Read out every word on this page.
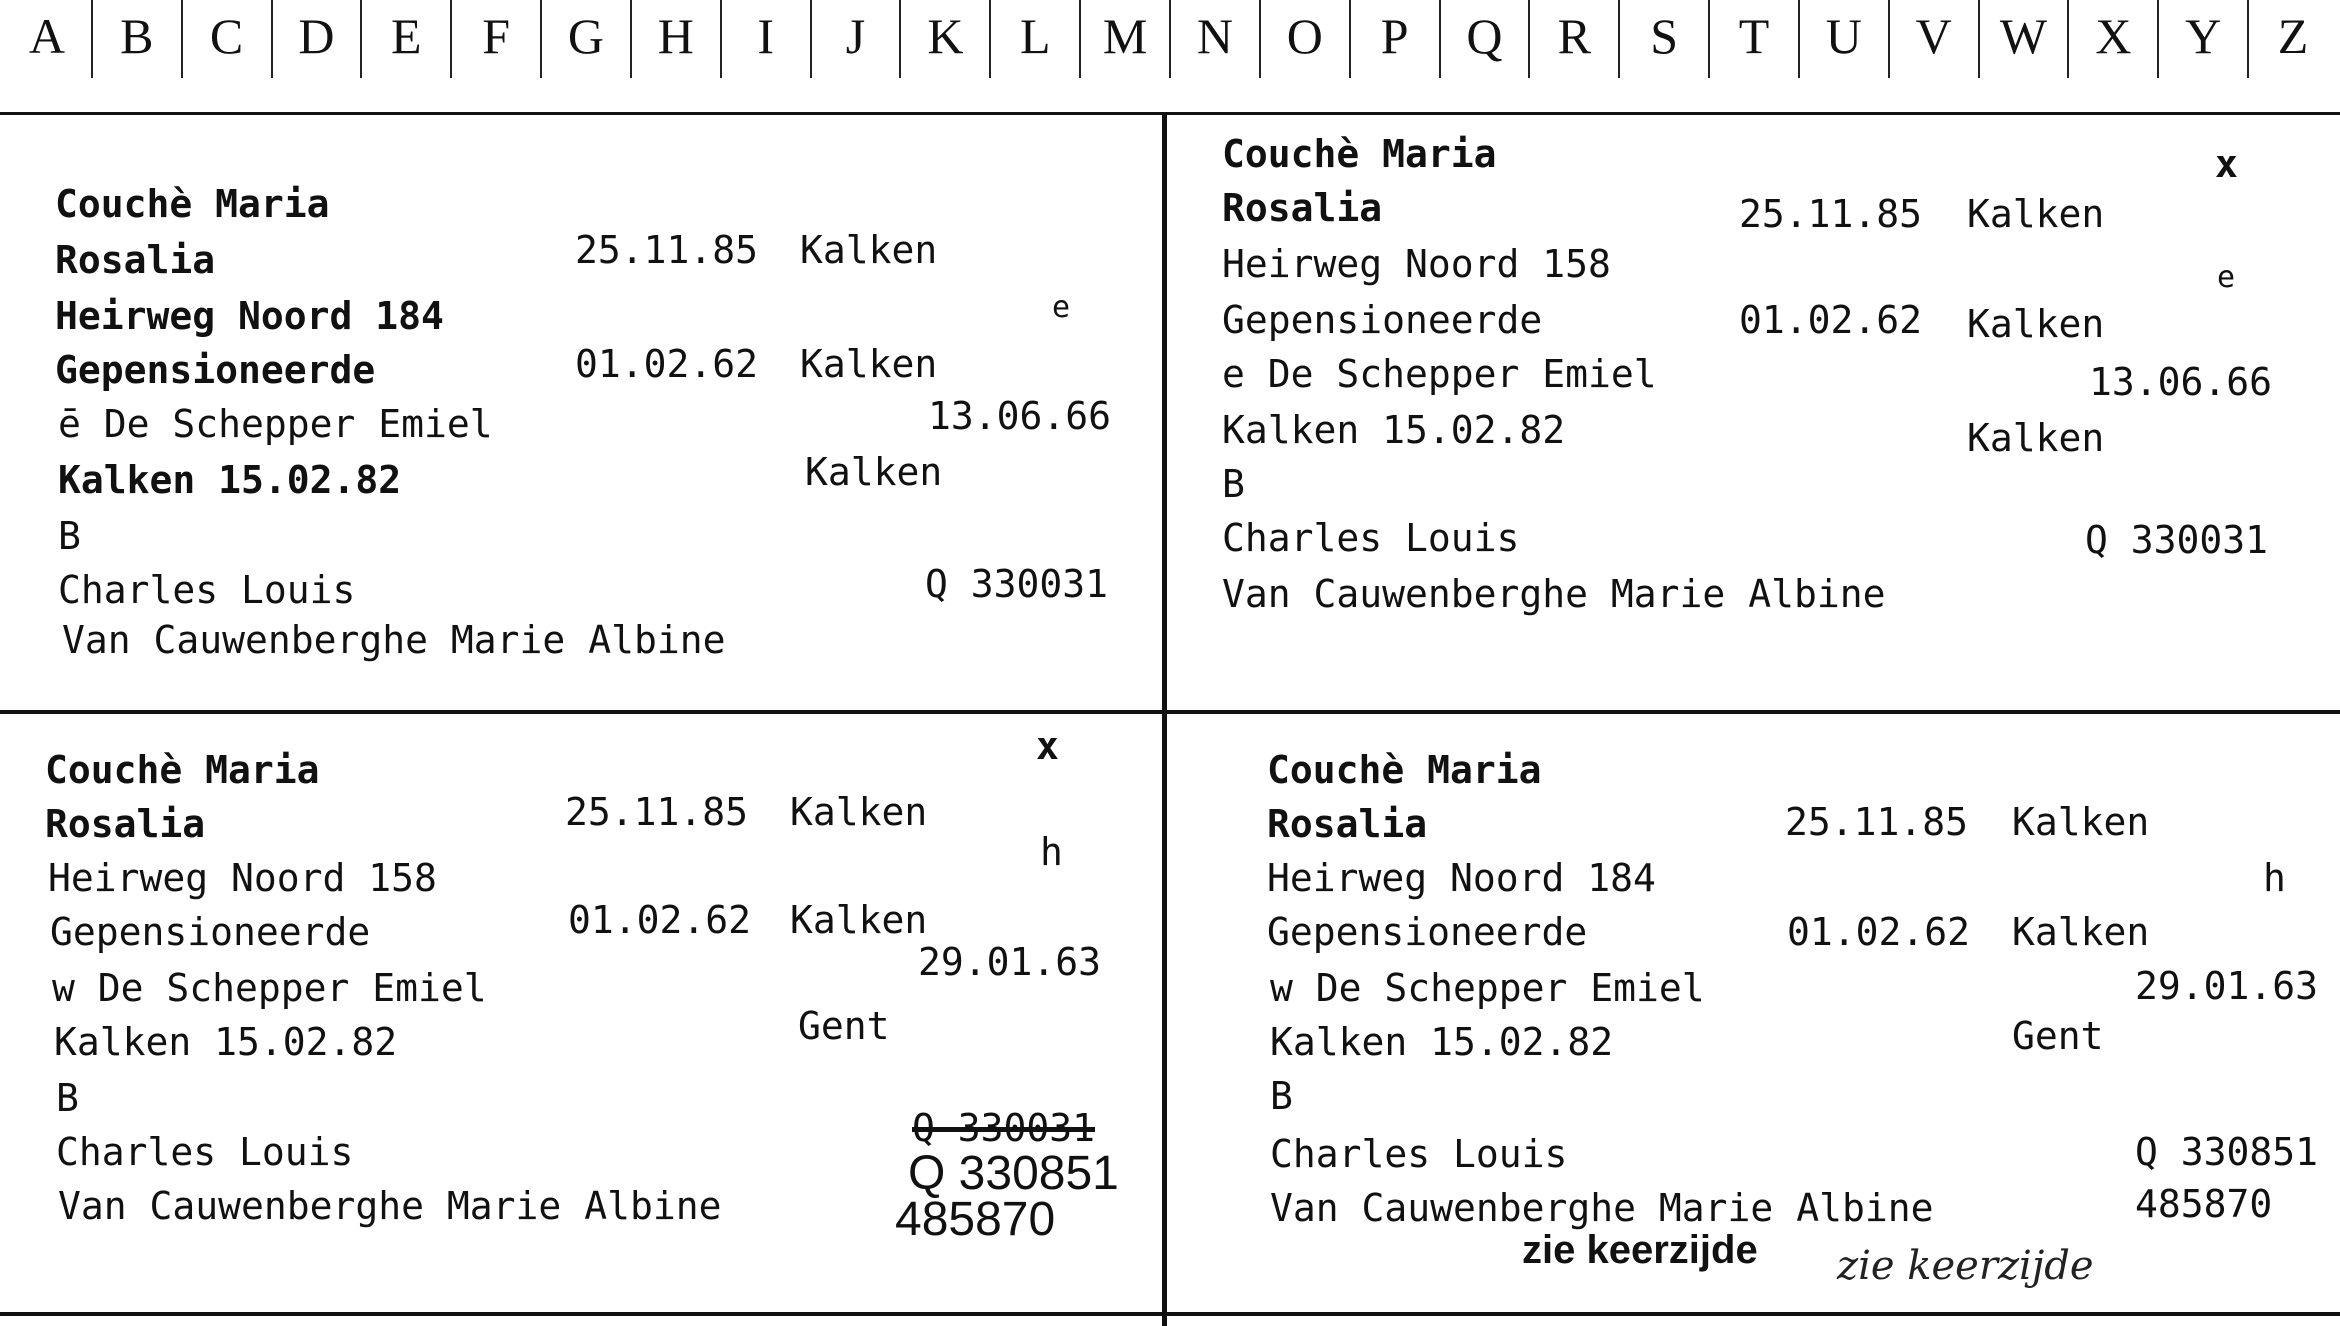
A	B	C	D	E	F	G	H	I	J	K	L	M N	O	P	Q	R	S	T	U	V W X	Y	Z
Couchè Maria
Rosalia	25.11.85 Kalken
Heirweg Noord 184	e
Gepensioneerde	01.02.62 Kalken
ē De Schepper Emiel	13.06.66
Kalken 15.02.82	Kalken
B
Charles Louis	Q 330031
Van Cauwenberghe Marie Albine
Couchè Maria	x
Rosalia	25.11.85 Kalken
Heirweg Noord 158	e
Gepensioneerde	01.02.62 Kalken
e De Schepper Emiel	13.06.66
Kalken 15.02.82	Kalken
B
Charles Louis	Q 330031
Van Cauwenberghe Marie Albine
Couchè Maria
x
Rosalia	25.11.85 Kalken
Heirweg Noord 158
h
Gepensioneerde	01.02.62 Kalken
w De Schepper Emiel
29.01.63
Kalken 15.02.82	Gent
B
Q 330031
Charles Louis	Q 330851
Van Cauwenberghe Marie Albine	485870
Couchè Maria
Rosalia	25.11.85 Kalken
Heirweg Noord 184	h
Gepensioneerde	01.02.62 Kalken
w De Schepper Emiel	29.01.63
Kalken 15.02.82	Gent
B
Charles Louis	Q 330851
Van Cauwenberghe Marie Albine	485870
zie keerzijde zie keerzijde
